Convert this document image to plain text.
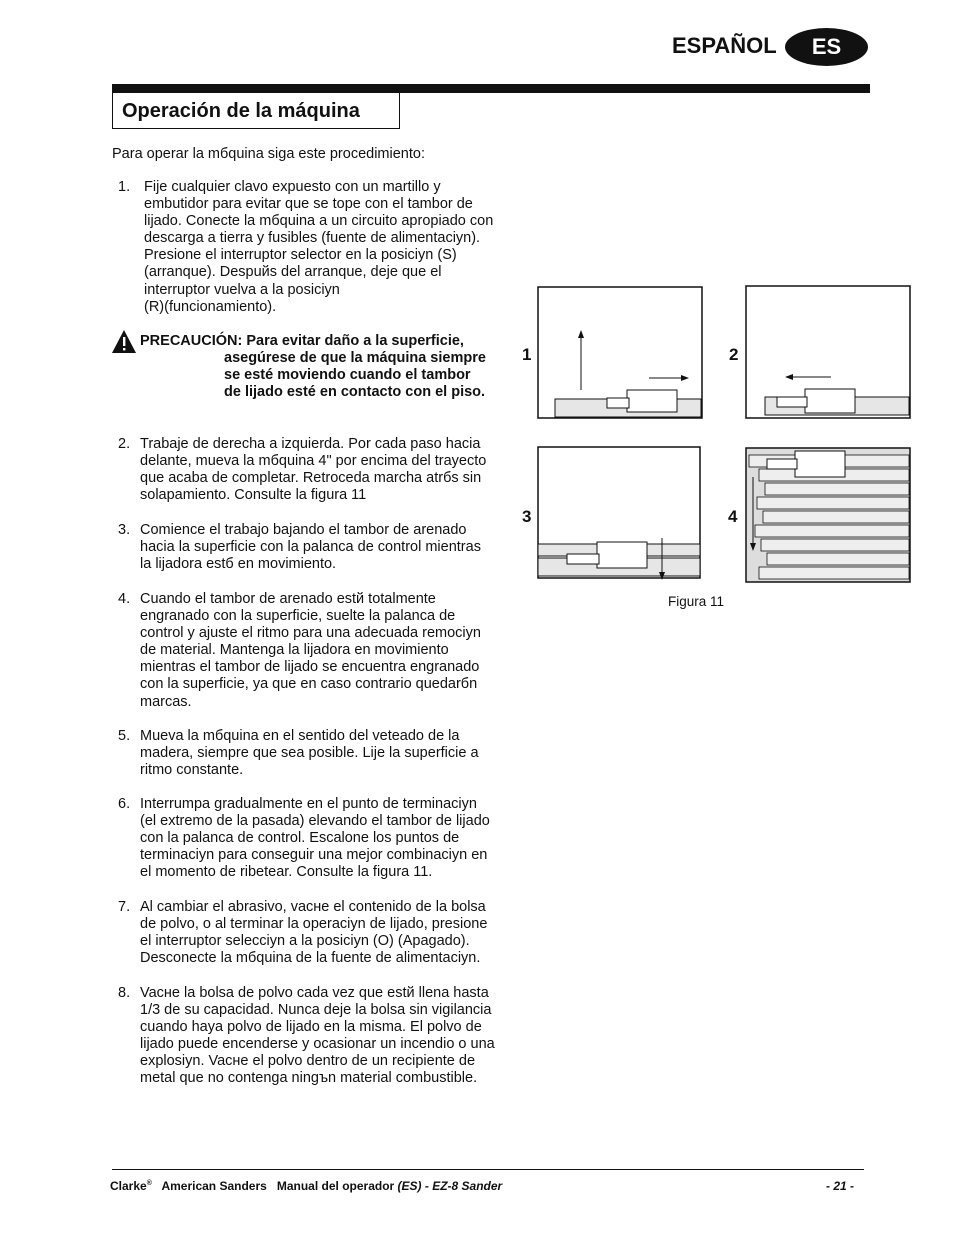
ESPAÑOL	ES
Operación de la máquina
Para operar la mбquina siga este procedimiento:
1. Fije cualquier clavo expuesto con un martillo y
embutidor para evitar que se tope con el tambor de
lijado. Conecte la mбquina a un circuito apropiado con
descarga a tierra y fusibles (fuente de alimentaciуn).
Presione el interruptor selector en la posiciуn (S)
(arranque). Despuйs del arranque, deje que el
interruptor vuelva a la posiciуn
(R)(funcionamiento).
PRECAUCIÓN: Para evitar daño a la superficie,
asegúrese de que la máquina siempre
se esté moviendo cuando el tambor
de lijado esté en contacto con el piso.
2. Trabaje de derecha a izquierda. Por cada paso hacia
delante, mueva la mбquina 4" por encima del trayecto
que acaba de completar. Retroceda marcha atrбs sin
solapamiento. Consulte la figura 11
3. Comience el trabajo bajando el tambor de arenado
hacia la superficie con la palanca de control mientras
la lijadora estб en movimiento.
4. Cuando el tambor de arenado estй totalmente
engranado con la superficie, suelte la palanca de
control y ajuste el ritmo para una adecuada remociуn
de material. Mantenga la lijadora en movimiento
mientras el tambor de lijado se encuentra engranado
con la superficie, ya que en caso contrario quedarбn
marcas.
5. Mueva la mбquina en el sentido del veteado de la
madera, siempre que sea posible. Lije la superficie a
ritmo constante.
6. Interrumpa gradualmente en el punto de terminaciуn
(el extremo de la pasada) elevando el tambor de lijado
con la palanca de control. Escalone los puntos de
terminaciуn para conseguir una mejor combinaciуn en
el momento de ribetear. Consulte la figura 11.
7. Al cambiar el abrasivo, vacнe el contenido de la bolsa
de polvo, o al terminar la operaciуn de lijado, presione
el interruptor selecciуn a la posiciуn (O) (Apagado).
Desconecte la mбquina de la fuente de alimentaciуn.
8. Vacнe la bolsa de polvo cada vez que estй llena hasta
1/3 de su capacidad. Nunca deje la bolsa sin vigilancia
cuando haya polvo de lijado en la misma. El polvo de
lijado puede encenderse y ocasionar un incendio o una
explosiуn. Vacнe el polvo dentro de un recipiente de
metal que no contenga ningъn material combustible.
1	2
3	4
Figura 11
Clarke® American Sanders Manual del operador (ES) - EZ-8 Sander	- 21 -
